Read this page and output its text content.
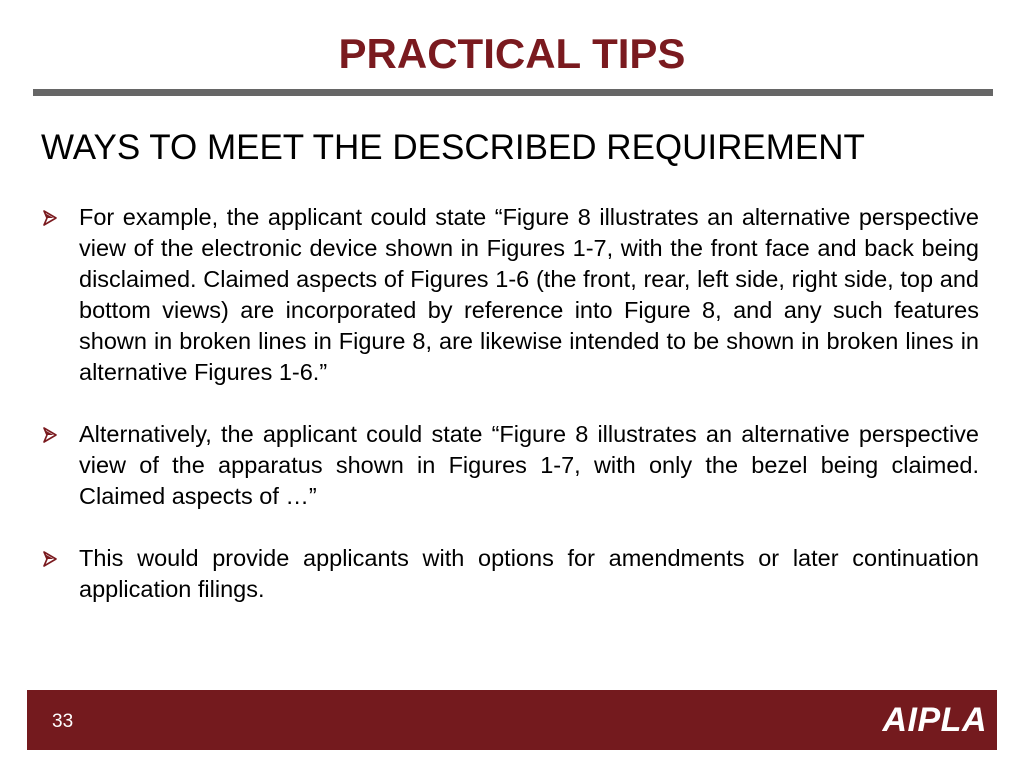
PRACTICAL TIPS
WAYS TO MEET THE DESCRIBED REQUIREMENT
For example, the applicant could state “Figure 8 illustrates an alternative perspective view of the electronic device shown in Figures 1-7, with the front face and back being disclaimed. Claimed aspects of Figures 1-6 (the front, rear, left side, right side, top and bottom views) are incorporated by reference into Figure 8, and any such features shown in broken lines in Figure 8, are likewise intended to be shown in broken lines in alternative Figures 1-6.”
Alternatively, the applicant could state “Figure 8 illustrates an alternative perspective view of the apparatus shown in Figures 1-7, with only the bezel being claimed. Claimed aspects of …”
This would provide applicants with options for amendments or later continuation application filings.
33	AIPLA
